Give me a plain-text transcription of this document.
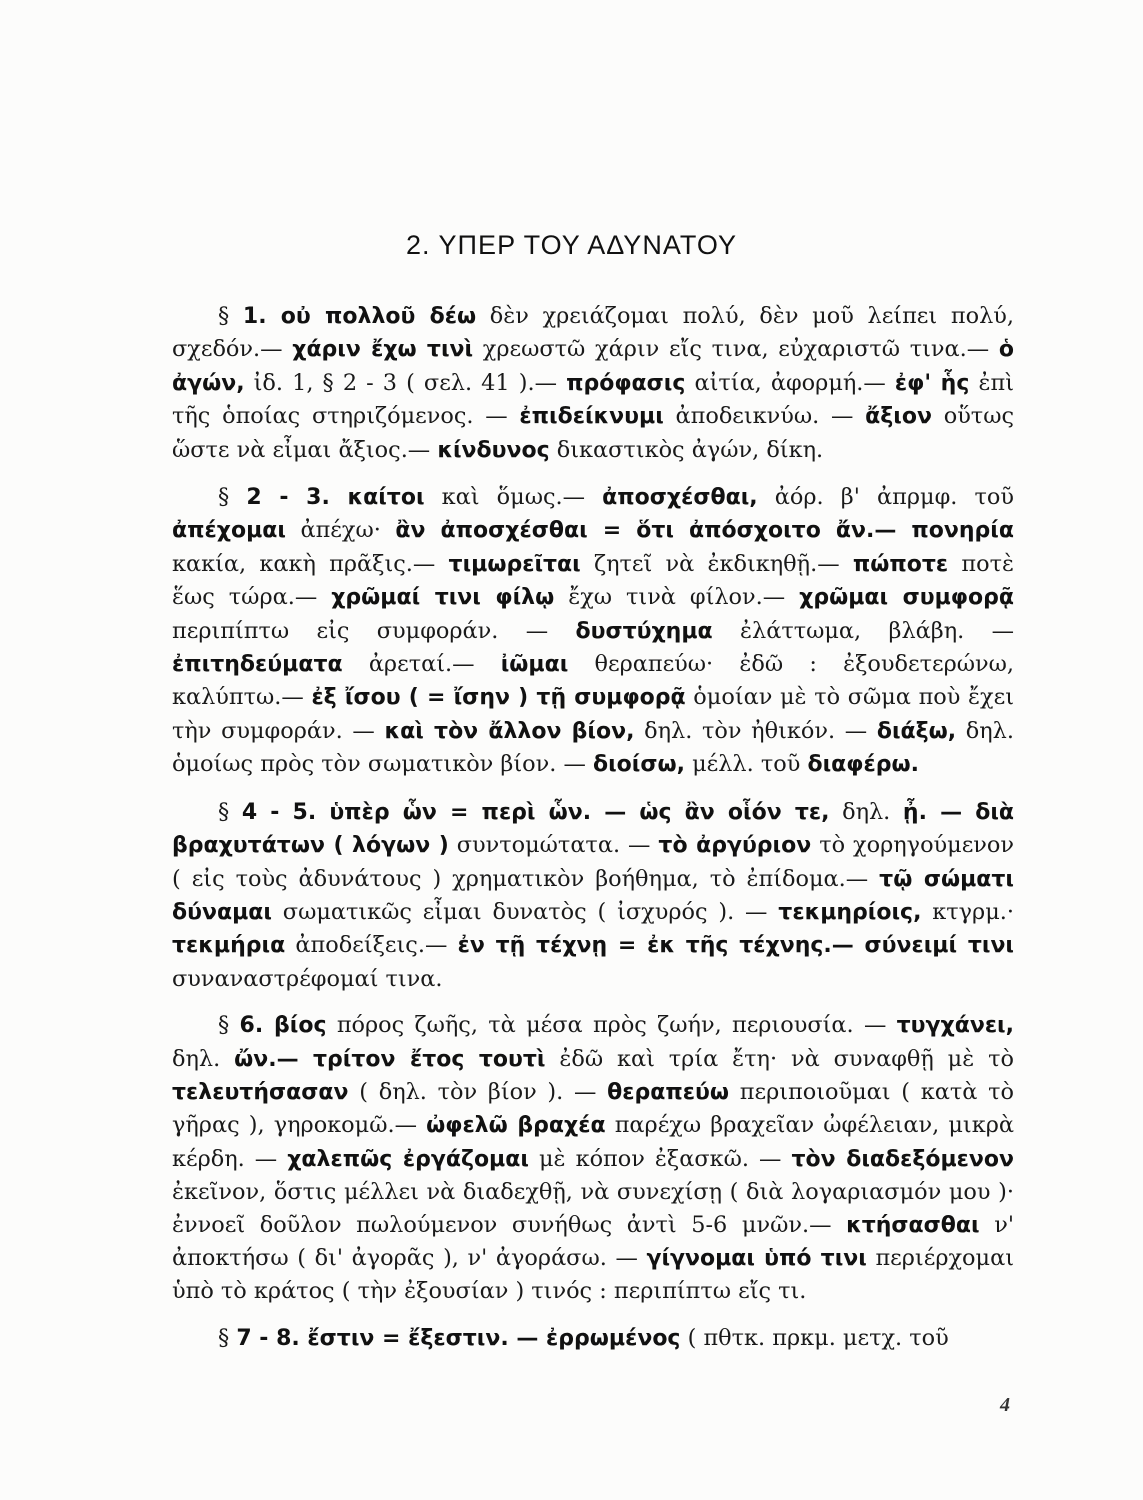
2. ΥΠΕΡ ΤΟΥ ΑΔΥΝΑΤΟΥ

§ 1. οὐ πολλοῦ δέω δὲν χρειάζομαι πολύ, δὲν μοῦ λείπει πολύ, σχεδόν.— χάριν ἔχω τινὶ χρεωστῶ χάριν εἴς τινα, εὐχαριστῶ τινα.— ὁ ἀγών, ἰδ. 1, § 2 - 3 ( σελ. 41 ).— πρόφασις αἰτία, ἀφορμή.— ἐφ' ἧς ἐπὶ τῆς ὁποίας στηριζόμενος. — ἐπιδείκνυμι ἀποδεικνύω. — ἄξιον οὕτως ὥστε νὰ εἶμαι ἄξιος.— κίνδυνος δικαστικὸς ἀγών, δίκη.

§ 2 - 3. καίτοι καὶ ὅμως.— ἀποσχέσθαι, ἀόρ. β' ἀπρμφ. τοῦ ἀπέχομαι ἀπέχω· ἂν ἀποσχέσθαι = ὅτι ἀπόσχοιτο ἄν.— πονηρία κακία, κακὴ πρᾶξις.— τιμωρεῖται ζητεῖ νὰ ἐκδικηθῇ.— πώποτε ποτὲ ἕως τώρα.— χρῶμαί τινι φίλῳ ἔχω τινὰ φίλον.— χρῶμαι συμφορᾷ περιπίπτω εἰς συμφοράν. — δυστύχημα ἐλάττωμα, βλάβη. — ἐπιτηδεύματα ἀρεταί.— ἰῶμαι θεραπεύω· ἐδῶ : ἐξουδετερώνω, καλύπτω.— ἐξ ἴσου ( = ἴσην ) τῇ συμφορᾷ ὁμοίαν μὲ τὸ σῶμα ποὺ ἔχει τὴν συμφοράν. — καὶ τὸν ἄλλον βίον, δηλ. τὸν ἠθικόν. — διάξω, δηλ. ὁμοίως πρὸς τὸν σωματικὸν βίον. — διοίσω, μέλλ. τοῦ διαφέρω.

§ 4 - 5. ὑπὲρ ὧν = περὶ ὧν. — ὡς ἂν οἷόν τε, δηλ. ᾖ. — διὰ βραχυτάτων ( λόγων ) συντομώτατα. — τὸ ἀργύριον τὸ χορηγούμενον ( εἰς τοὺς ἀδυνάτους ) χρηματικὸν βοήθημα, τὸ ἐπίδομα.— τῷ σώματι δύναμαι σωματικῶς εἶμαι δυνατὸς ( ἰσχυρός ). — τεκμηρίοις, κτγρμ.· τεκμήρια ἀποδείξεις.— ἐν τῇ τέχνῃ = ἐκ τῆς τέχνης.— σύνειμί τινι συναναστρέφομαί τινα.

§ 6. βίος πόρος ζωῆς, τὰ μέσα πρὸς ζωήν, περιουσία. — τυγχάνει, δηλ. ὤν.— τρίτον ἔτος τουτὶ ἐδῶ καὶ τρία ἔτη· νὰ συναφθῇ μὲ τὸ τελευτήσασαν ( δηλ. τὸν βίον ). — θεραπεύω περιποιοῦμαι ( κατὰ τὸ γῆρας ), γηροκομῶ.— ὠφελῶ βραχέα παρέχω βραχεῖαν ὠφέλειαν, μικρὰ κέρδη. — χαλεπῶς ἐργάζομαι μὲ κόπον ἐξασκῶ. — τὸν διαδεξόμενον ἐκεῖνον, ὅστις μέλλει νὰ διαδεχθῇ, νὰ συνεχίσῃ ( διὰ λογαριασμόν μου )· ἐννοεῖ δοῦλον πωλούμενον συνήθως ἀντὶ 5-6 μνῶν.— κτήσασθαι ν' ἀποκτήσω ( δι' ἀγορᾶς ), ν' ἀγοράσω. — γίγνομαι ὑπό τινι περιέρχομαι ὑπὸ τὸ κράτος ( τὴν ἐξουσίαν ) τινός : περιπίπτω εἴς τι.

§ 7 - 8. ἔστιν = ἔξεστιν. — ἐρρωμένος ( πθτκ. πρκμ. μετχ. τοῦ

4
